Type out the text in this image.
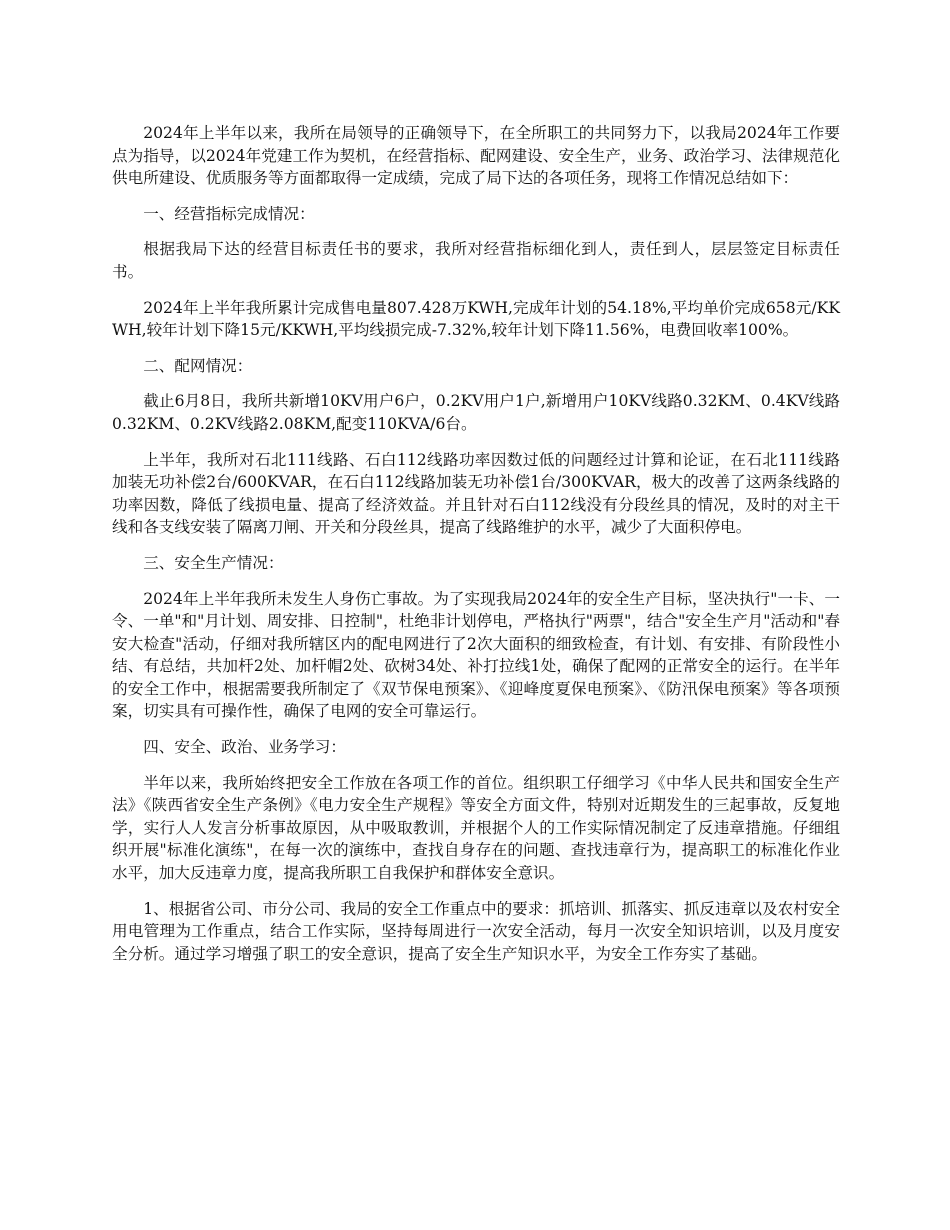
2024年上半年以来，我所在局领导的正确领导下，在全所职工的共同努力下，以我局2024年工作要点为指导，以2024年党建工作为契机，在经营指标、配网建设、安全生产，业务、政治学习、法律规范化供电所建设、优质服务等方面都取得一定成绩，完成了局下达的各项任务，现将工作情况总结如下：

一、经营指标完成情况：

根据我局下达的经营目标责任书的要求，我所对经营指标细化到人，责任到人，层层签定目标责任书。

2024年上半年我所累计完成售电量807.428万KWH,完成年计划的54.18%,平均单价完成658元/KKWH,较年计划下降15元/KKWH,平均线损完成-7.32%,较年计划下降11.56%，电费回收率100%。

二、配网情况：

截止6月8日，我所共新增10KV用户6户，0.2KV用户1户,新增用户10KV线路0.32KM、0.4KV线路0.32KM、0.2KV线路2.08KM,配变110KVA/6台。

上半年，我所对石北111线路、石白112线路功率因数过低的问题经过计算和论证，在石北111线路加装无功补偿2台/600KVAR，在石白112线路加装无功补偿1台/300KVAR，极大的改善了这两条线路的功率因数，降低了线损电量、提高了经济效益。并且针对石白112线没有分段丝具的情况，及时的对主干线和各支线安装了隔离刀闸、开关和分段丝具，提高了线路维护的水平，减少了大面积停电。

三、安全生产情况：

2024年上半年我所未发生人身伤亡事故。为了实现我局2024年的安全生产目标，坚决执行"一卡、一令、一单"和"月计划、周安排、日控制"，杜绝非计划停电，严格执行"两票"，结合"安全生产月"活动和"春安大检查"活动，仔细对我所辖区内的配电网进行了2次大面积的细致检查，有计划、有安排、有阶段性小结、有总结，共加杆2处、加杆帽2处、砍树34处、补打拉线1处，确保了配网的正常安全的运行。在半年的安全工作中，根据需要我所制定了《双节保电预案》、《迎峰度夏保电预案》、《防汛保电预案》等各项预案，切实具有可操作性，确保了电网的安全可靠运行。

四、安全、政治、业务学习：

半年以来，我所始终把安全工作放在各项工作的首位。组织职工仔细学习《中华人民共和国安全生产法》《陕西省安全生产条例》《电力安全生产规程》等安全方面文件，特别对近期发生的三起事故，反复地学，实行人人发言分析事故原因，从中吸取教训，并根据个人的工作实际情况制定了反违章措施。仔细组织开展"标准化演练"，在每一次的演练中，查找自身存在的问题、查找违章行为，提高职工的标准化作业水平，加大反违章力度，提高我所职工自我保护和群体安全意识。

1、根据省公司、市分公司、我局的安全工作重点中的要求：抓培训、抓落实、抓反违章以及农村安全用电管理为工作重点，结合工作实际，坚持每周进行一次安全活动，每月一次安全知识培训，以及月度安全分析。通过学习增强了职工的安全意识，提高了安全生产知识水平，为安全工作夯实了基础。
